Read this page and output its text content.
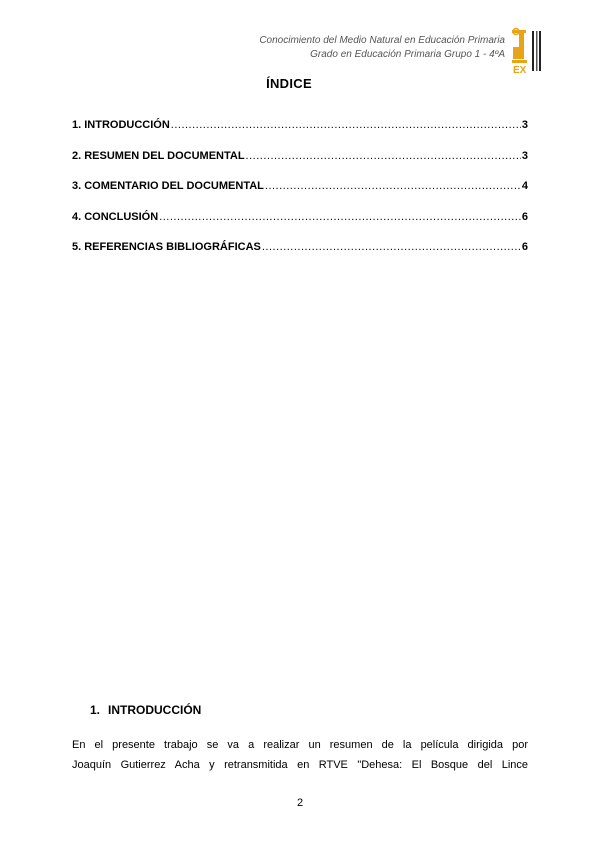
Conocimiento del Medio Natural en Educación Primaria
Grado en Educación Primaria Grupo 1 - 4ºA
EX
ÍNDICE
1. INTRODUCCIÓN .....	3
2. RESUMEN DEL DOCUMENTAL .....	3
3. COMENTARIO DEL DOCUMENTAL .....	4
4. CONCLUSIÓN .....	6
5. REFERENCIAS BIBLIOGRÁFICAS .....	6
1. INTRODUCCIÓN
En el presente trabajo se va a realizar un resumen de la película dirigida por
Joaquín Gutierrez Acha y retransmitida en RTVE "Dehesa: El Bosque del Lince
2
